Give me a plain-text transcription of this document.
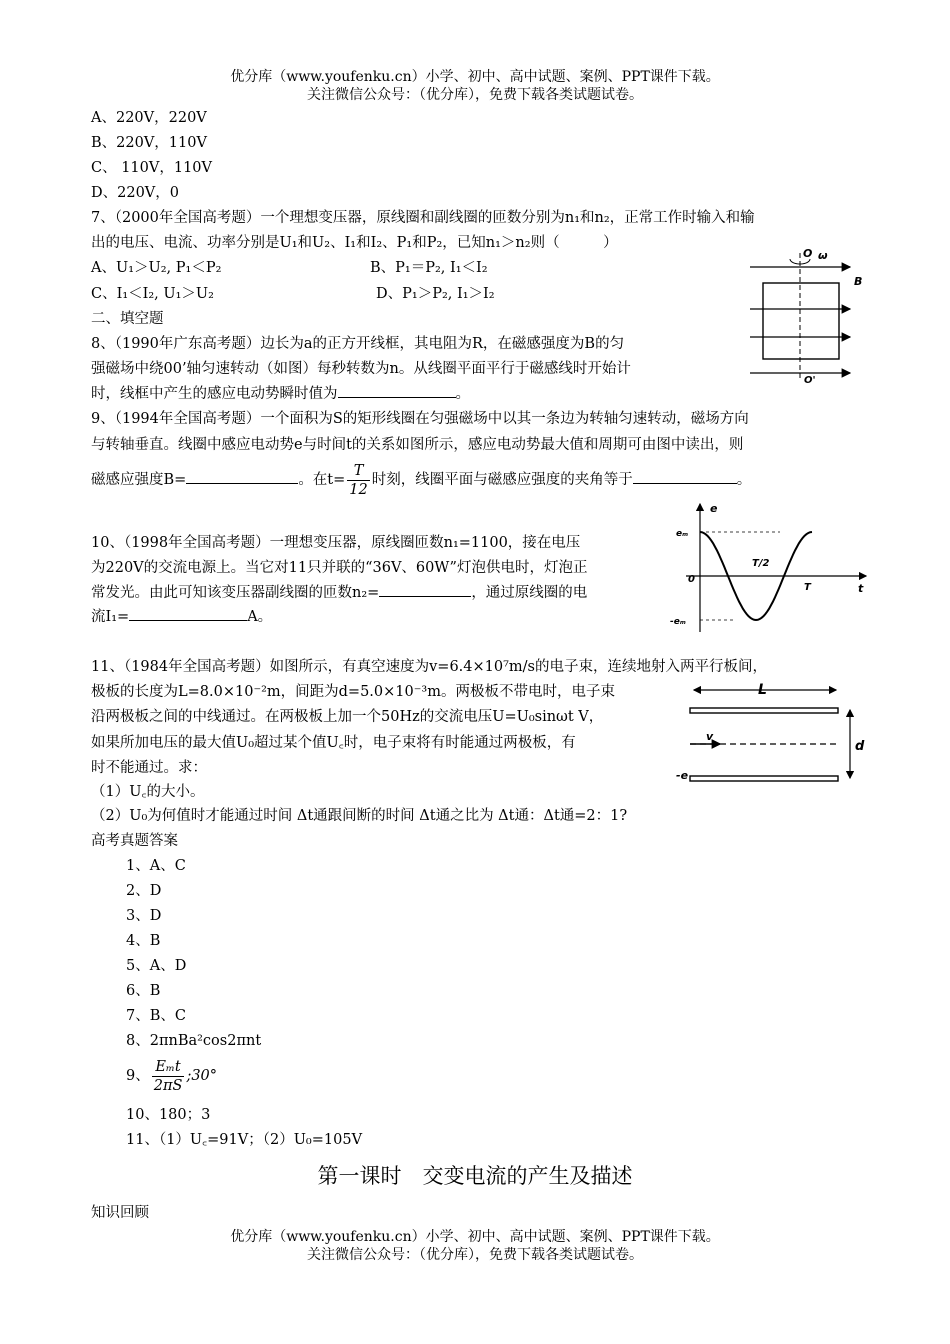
优分库（www.youfenku.cn）小学、初中、高中试题、案例、PPT课件下载。
关注微信公众号：（优分库），免费下载各类试题试卷。
A、220V，220V
B、220V，110V
C、 110V，110V
D、220V，0
7、（2000年全国高考题）一个理想变压器，原线圈和副线圈的匝数分别为n₁和n₂，正常工作时输入和输
出的电压、电流、功率分别是U₁和U₂、I₁和I₂、P₁和P₂，已知n₁＞n₂则（　　　）
A、U₁＞U₂, P₁＜P₂	B、P₁＝P₂, I₁＜I₂
C、I₁＜I₂, U₁＞U₂	D、P₁＞P₂, I₁＞I₂
二、填空题
8、（1990年广东高考题）边长为a的正方开线框，其电阻为R，在磁感强度为B的匀
强磁场中绕00’轴匀速转动（如图）每秒转数为n。从线圈平面平行于磁感线时开始计
时，线框中产生的感应电动势瞬时值为	。
O ω
B
O'
9、（1994年全国高考题）一个面积为S的矩形线圈在匀强磁场中以其一条边为转轴匀速转动，磁场方向
与转轴垂直。线圈中感应电动势e与时间t的关系如图所示，感应电动势最大值和周期可由图中读出，则
磁感应强度B=	。在$t= \frac{T}{12}$ 时刻，线圈平面与磁感应强度的夹角等于	。
10、（1998年全国高考题）一理想变压器，原线圈匝数n₁=1100，接在电压
为220V的交流电源上。当它对11只并联的“36V、60W”灯泡供电时，灯泡正
常发光。由此可知该变压器副线圈的匝数n₂=	，通过原线圈的电
流I₁=	A。
e
eₘ
0
T/2
T	t
-eₘ
11、（1984年全国高考题）如图所示，有真空速度为v=6.4×10⁷m/s的电子束，连续地射入两平行板间，
极板的长度为L=8.0×10⁻²m，间距为d=5.0×10⁻³m。两极板不带电时，电子束
沿两极板之间的中线通过。在两极板上加一个50Hz的交流电压U=U₀sinωt V，
如果所加电压的最大值U₀超过某个值U꜀时，电子束将有时能通过两极板，有
时不能通过。求：
（1）U꜀的大小。
（2）U₀为何值时才能通过时间 Δt通跟间断的时间 Δt通之比为 Δt通：Δt通=2：1?
L
v
d
-e
高考真题答案
1、A、C
2、D
3、D
4、B
5、A、D
6、B
7、B、C
8、2πnBa²cos2πnt
9、 $\frac{\text{Eₘt}}{2\pi S}$ ;30°
10、180；3
11、（1）U꜀=91V；（2）U₀=105V
第一课时　交变电流的产生及描述
知识回顾
优分库（www.youfenku.cn）小学、初中、高中试题、案例、PPT课件下载。
关注微信公众号：（优分库），免费下载各类试题试卷。
